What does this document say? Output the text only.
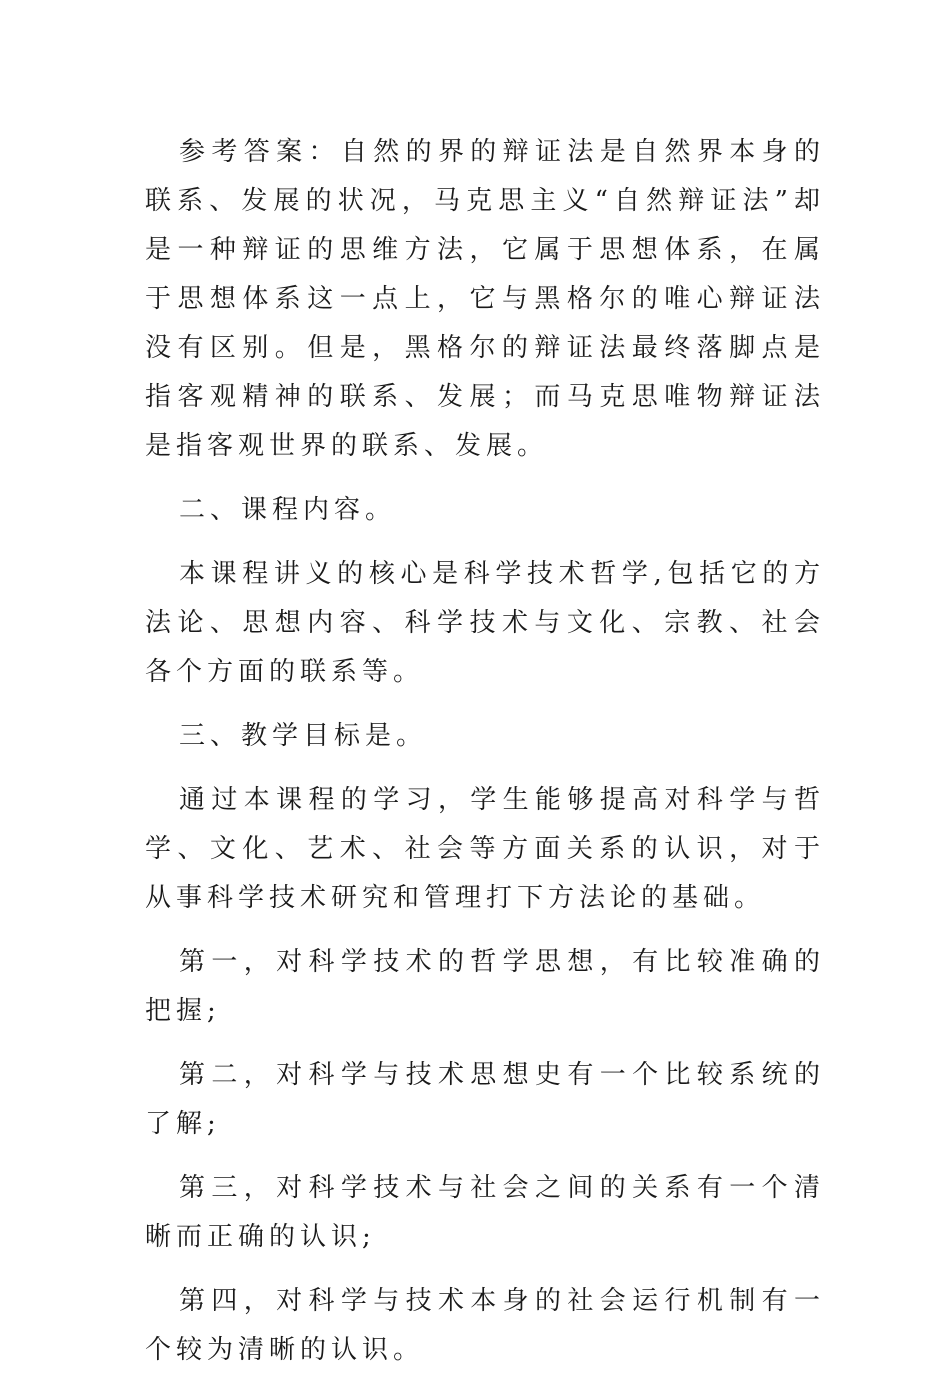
参考答案：自然的界的辩证法是自然界本身的联系、发展的状况，马克思主义“自然辩证法”却是一种辩证的思维方法，它属于思想体系，在属于思想体系这一点上，它与黑格尔的唯心辩证法没有区别。但是，黑格尔的辩证法最终落脚点是指客观精神的联系、发展；而马克思唯物辩证法是指客观世界的联系、发展。

二、课程内容。

本课程讲义的核心是科学技术哲学,包括它的方法论、思想内容、科学技术与文化、宗教、社会各个方面的联系等。

三、教学目标是。

通过本课程的学习，学生能够提高对科学与哲学、文化、艺术、社会等方面关系的认识，对于从事科学技术研究和管理打下方法论的基础。

第一，对科学技术的哲学思想，有比较准确的把握;

第二，对科学与技术思想史有一个比较系统的了解;

第三，对科学技术与社会之间的关系有一个清晰而正确的认识;

第四，对科学与技术本身的社会运行机制有一个较为清晰的认识。
